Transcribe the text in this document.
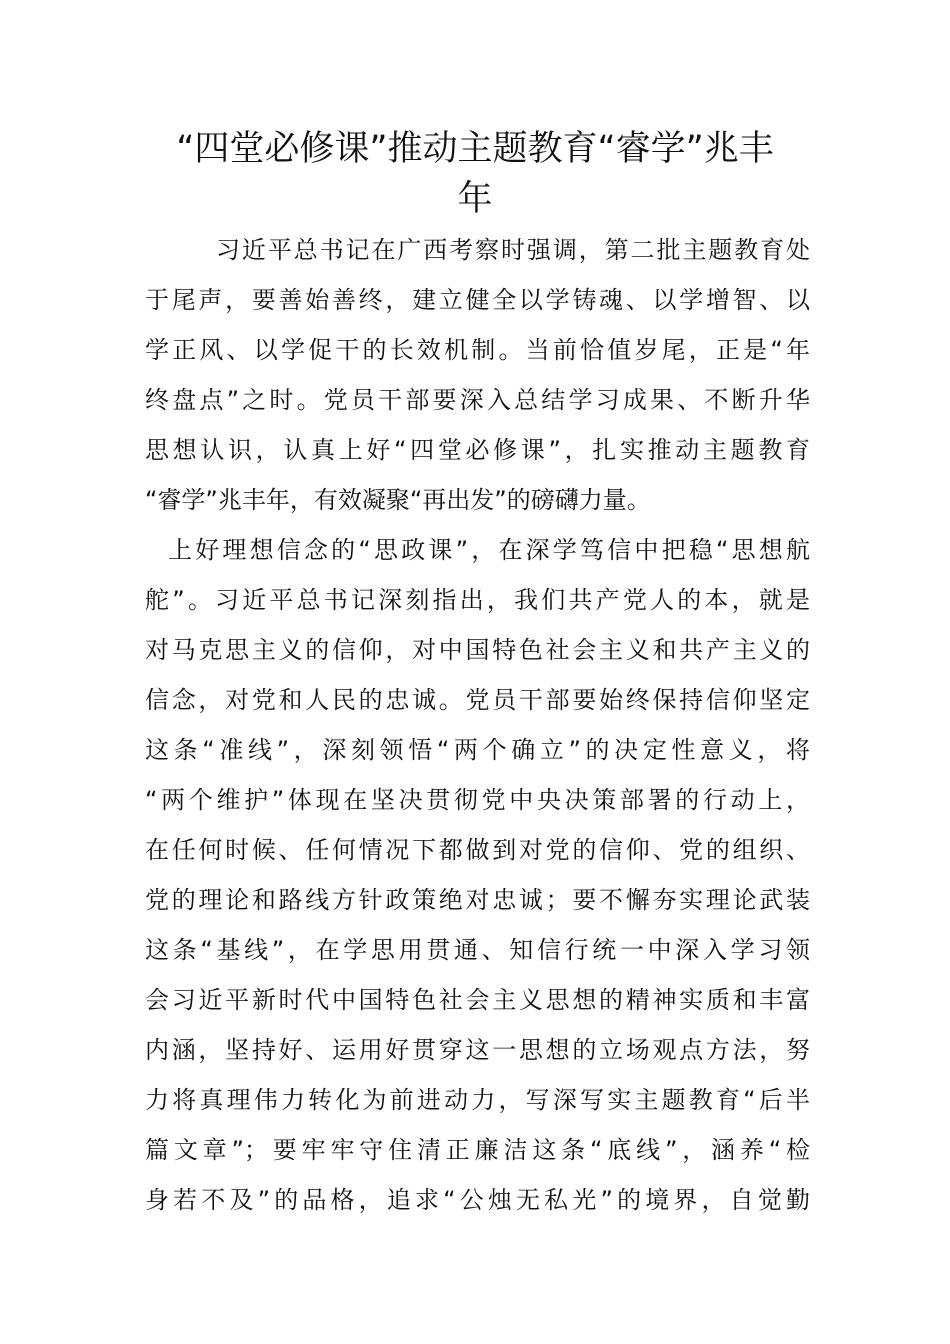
“四堂必修课”推动主题教育“睿学”兆丰
年
习近平总书记在广西考察时强调，第二批主题教育处
于尾声，要善始善终，建立健全以学铸魂、以学增智、以
学正风、以学促干的长效机制。当前恰值岁尾，正是“年
终盘点”之时。党员干部要深入总结学习成果、不断升华
思想认识，认真上好“四堂必修课”，扎实推动主题教育
“睿学”兆丰年，有效凝聚“再出发”的磅礴力量。
上好理想信念的“思政课”，在深学笃信中把稳“思想航
舵”。习近平总书记深刻指出，我们共产党人的本，就是
对马克思主义的信仰，对中国特色社会主义和共产主义的
信念，对党和人民的忠诚。党员干部要始终保持信仰坚定
这条“准线”，深刻领悟“两个确立”的决定性意义，将
“两个维护”体现在坚决贯彻党中央决策部署的行动上，
在任何时候、任何情况下都做到对党的信仰、党的组织、
党的理论和路线方针政策绝对忠诚；要不懈夯实理论武装
这条“基线”，在学思用贯通、知信行统一中深入学习领
会习近平新时代中国特色社会主义思想的精神实质和丰富
内涵，坚持好、运用好贯穿这一思想的立场观点方法，努
力将真理伟力转化为前进动力，写深写实主题教育“后半
篇文章”；要牢牢守住清正廉洁这条“底线”，涵养“检
身若不及”的品格，追求“公烛无私光”的境界，自觉勤
